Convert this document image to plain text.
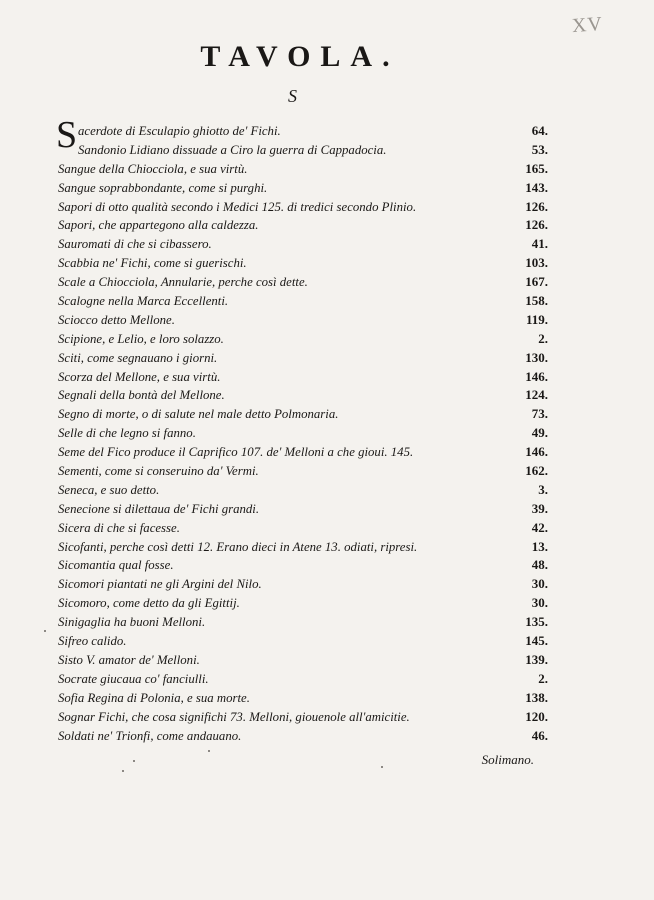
XV
TAVOLA.
S
S acerdote di Esculapio ghiotto de' Fichi.	64.
Sandonio Lidiano dissuade a Ciro la guerra di Cappadocia.	53.
Sangue della Chiocciola, e sua virtù.	165.
Sangue soprabbondante, come si purghi.	143.
Sapori di otto qualità secondo i Medici 125. di tredici secondo Plinio.	126.
Sapori, che appartegono alla caldezza.	126.
Sauromati di che si cibassero.	41.
Scabbia ne' Fichi, come si guerischi.	103.
Scale a Chiocciola, Annularie, perche così dette.	167.
Scalogne nella Marca Eccellenti.	158.
Sciocco detto Mellone.	119.
Scipione, e Lelio, e loro solazzo.	2.
Sciti, come segnauano i giorni.	130.
Scorza del Mellone, e sua virtù.	146.
Segnali della bontà del Mellone.	124.
Segno di morte, o di salute nel male detto Polmonaria.	73.
Selle di che legno si fanno.	49.
Seme del Fico produce il Caprifico 107. de' Melloni a che gioui. 145.	146.
Sementi, come si conseruino da' Vermi.	162.
Seneca, e suo detto.	3.
Senecione si dilettaua de' Fichi grandi.	39.
Sicera di che si facesse.	42.
Sicofanti, perche così detti 12. Erano dieci in Atene 13. odiati, ripresi.	13.
Sicomantia qual fosse.	48.
Sicomori piantati ne gli Argini del Nilo.	30.
Sicomoro, come detto da gli Egittij.	30.
Sinigaglia ha buoni Melloni.	135.
Sifreo calido.	145.
Sisto V. amator de' Melloni.	139.
Socrate giucaua co' fanciulli.	2.
Sofia Regina di Polonia, e sua morte.	138.
Sognar Fichi, che cosa significhi 73. Melloni, giouenole all'amicitie.	120.
Soldati ne' Trionfi, come andauano.	46.
Solimano.
